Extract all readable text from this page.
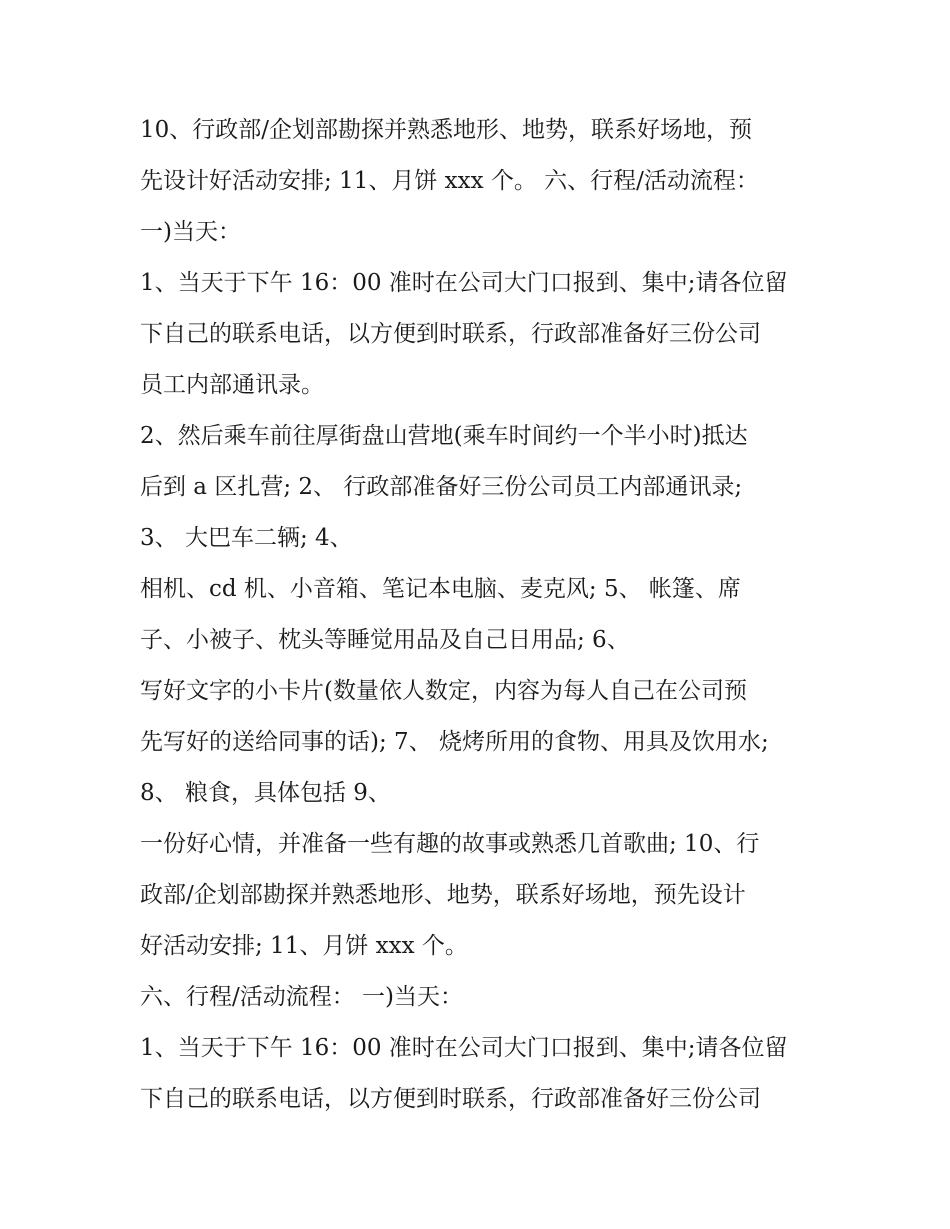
10、行政部/企划部勘探并熟悉地形、地势，联系好场地，预
先设计好活动安排; 11、月饼 xxx 个。 六、行程/活动流程：
一)当天：
1、当天于下午 16：00 准时在公司大门口报到、集中;请各位留
下自己的联系电话，以方便到时联系，行政部准备好三份公司
员工内部通讯录。
2、然后乘车前往厚街盘山营地(乘车时间约一个半小时)抵达
后到 a 区扎营; 2、 行政部准备好三份公司员工内部通讯录;
3、 大巴车二辆; 4、
相机、cd 机、小音箱、笔记本电脑、麦克风; 5、 帐篷、席
子、小被子、枕头等睡觉用品及自己日用品; 6、
写好文字的小卡片(数量依人数定，内容为每人自己在公司预
先写好的送给同事的话); 7、 烧烤所用的食物、用具及饮用水;
8、 粮食，具体包括 9、
一份好心情，并准备一些有趣的故事或熟悉几首歌曲; 10、行
政部/企划部勘探并熟悉地形、地势，联系好场地，预先设计
好活动安排; 11、月饼 xxx 个。
六、行程/活动流程： 一)当天：
1、当天于下午 16：00 准时在公司大门口报到、集中;请各位留
下自己的联系电话，以方便到时联系，行政部准备好三份公司
